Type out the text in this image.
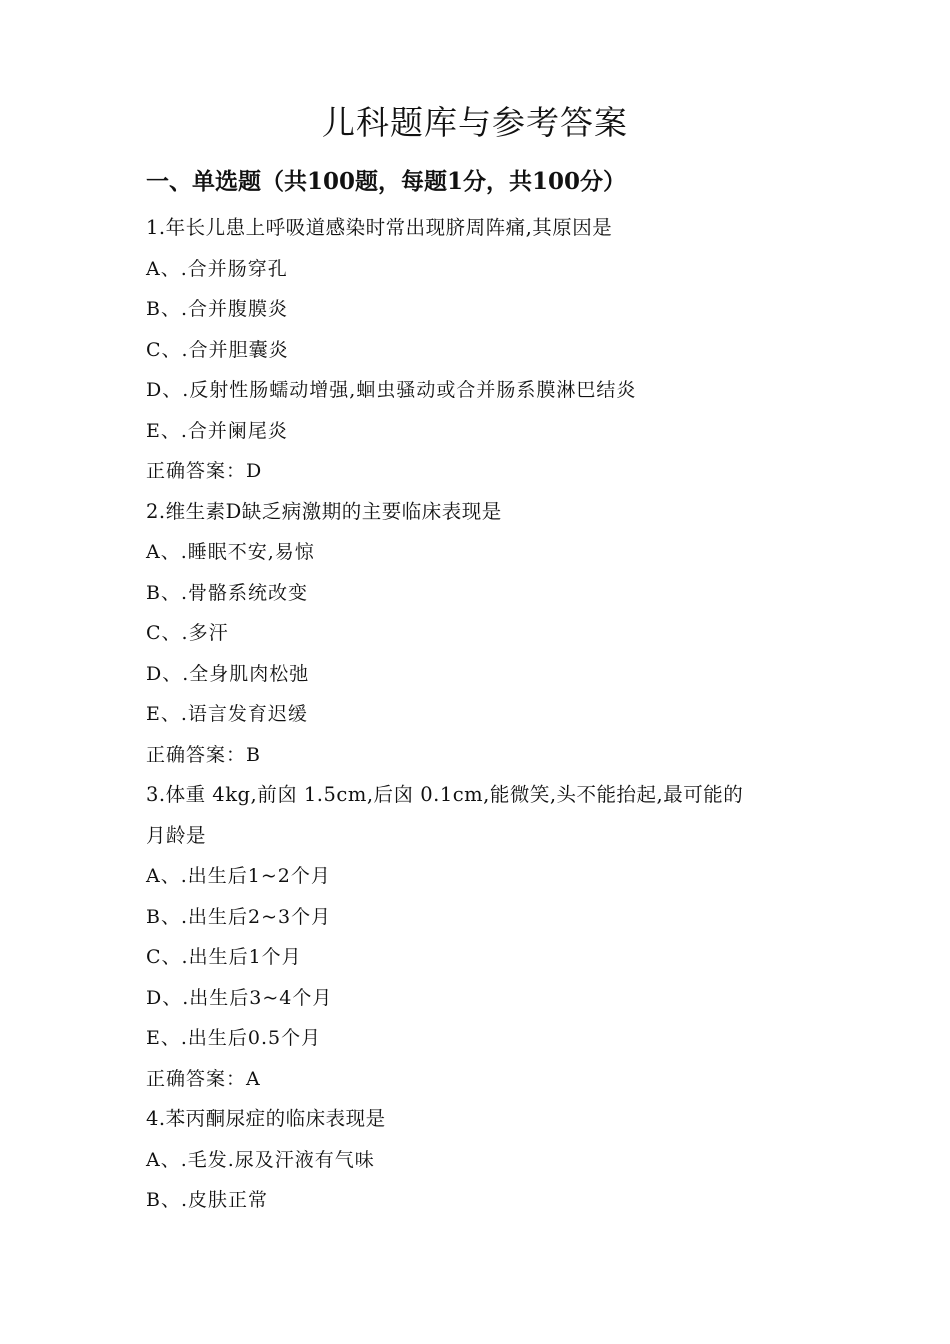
儿科题库与参考答案
一、单选题（共100题，每题1分，共100分）
1.年长儿患上呼吸道感染时常出现脐周阵痛,其原因是
A、.合并肠穿孔
B、.合并腹膜炎
C、.合并胆囊炎
D、.反射性肠蠕动增强,蛔虫骚动或合并肠系膜淋巴结炎
E、.合并阑尾炎
正确答案：D
2.维生素D缺乏病激期的主要临床表现是
A、.睡眠不安,易惊
B、.骨骼系统改变
C、.多汗
D、.全身肌肉松弛
E、.语言发育迟缓
正确答案：B
3.体重 4kg,前囟 1.5cm,后囟 0.1cm,能微笑,头不能抬起,最可能的
月龄是
A、.出生后1~2个月
B、.出生后2~3个月
C、.出生后1个月
D、.出生后3~4个月
E、.出生后0.5个月
正确答案：A
4.苯丙酮尿症的临床表现是
A、.毛发.尿及汗液有气味
B、.皮肤正常
